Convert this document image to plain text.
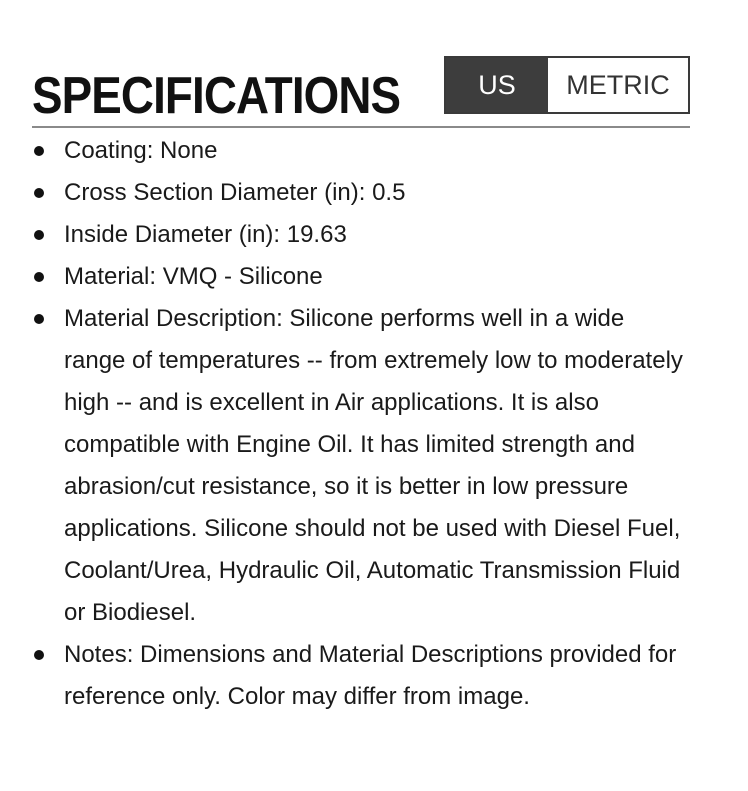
SPECIFICATIONS	US	METRIC
Coating: None
Cross Section Diameter (in): 0.5
Inside Diameter (in): 19.63
Material: VMQ - Silicone
Material Description: Silicone performs well in a wide range of temperatures -- from extremely low to moderately high -- and is excellent in Air applications. It is also compatible with Engine Oil. It has limited strength and abrasion/cut resistance, so it is better in low pressure applications. Silicone should not be used with Diesel Fuel, Coolant/Urea, Hydraulic Oil, Automatic Transmission Fluid or Biodiesel.
Notes: Dimensions and Material Descriptions provided for reference only. Color may differ from image.
